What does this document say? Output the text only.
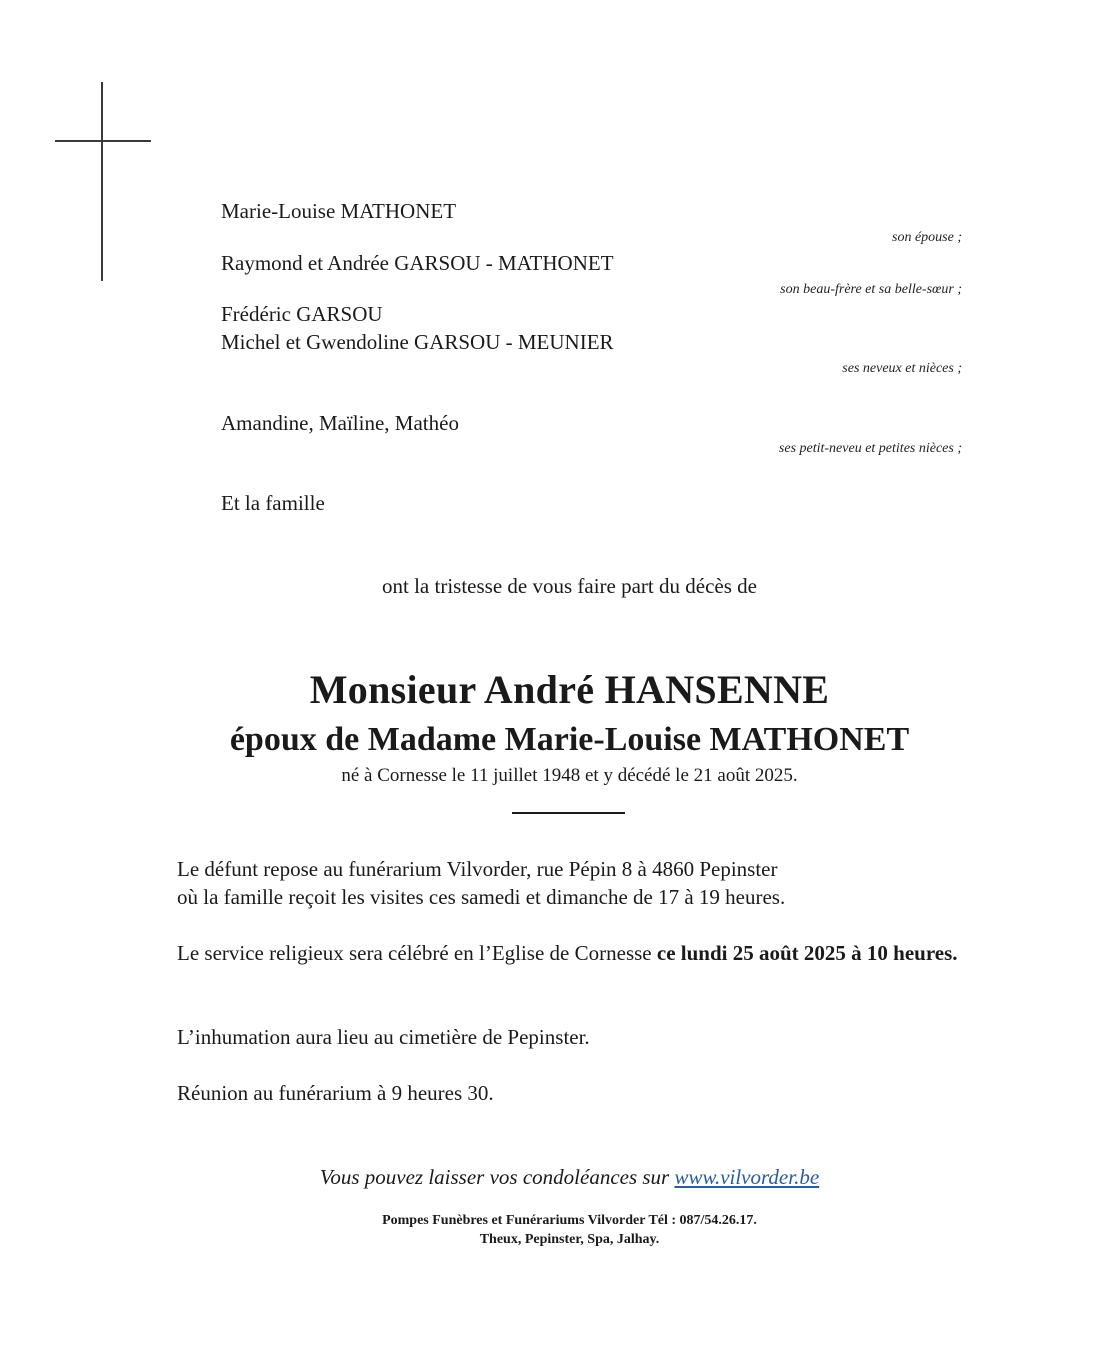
Marie-Louise MATHONET
son épouse ;
Raymond et Andrée GARSOU - MATHONET
son beau-frère et sa belle-sœur ;
Frédéric GARSOU
Michel et Gwendoline GARSOU - MEUNIER
ses neveux et nièces ;
Amandine, Maïline, Mathéo
ses petit-neveu et petites nièces ;
Et la famille
ont la tristesse de vous faire part du décès de
Monsieur André HANSENNE
époux de Madame Marie-Louise MATHONET
né à Cornesse le 11 juillet 1948 et y décédé le 21 août 2025.
Le défunt repose au funérarium Vilvorder, rue Pépin 8 à 4860 Pepinster
où la famille reçoit les visites ces samedi et dimanche de 17 à 19 heures.
Le service religieux sera célébré en l’Eglise de Cornesse ce lundi 25 août 2025 à 10 heures.
L’inhumation aura lieu au cimetière de Pepinster.
Réunion au funérarium à 9 heures 30.
Vous pouvez laisser vos condoléances sur www.vilvorder.be
Pompes Funèbres et Funérariums Vilvorder Tél : 087/54.26.17.
Theux, Pepinster, Spa, Jalhay.
